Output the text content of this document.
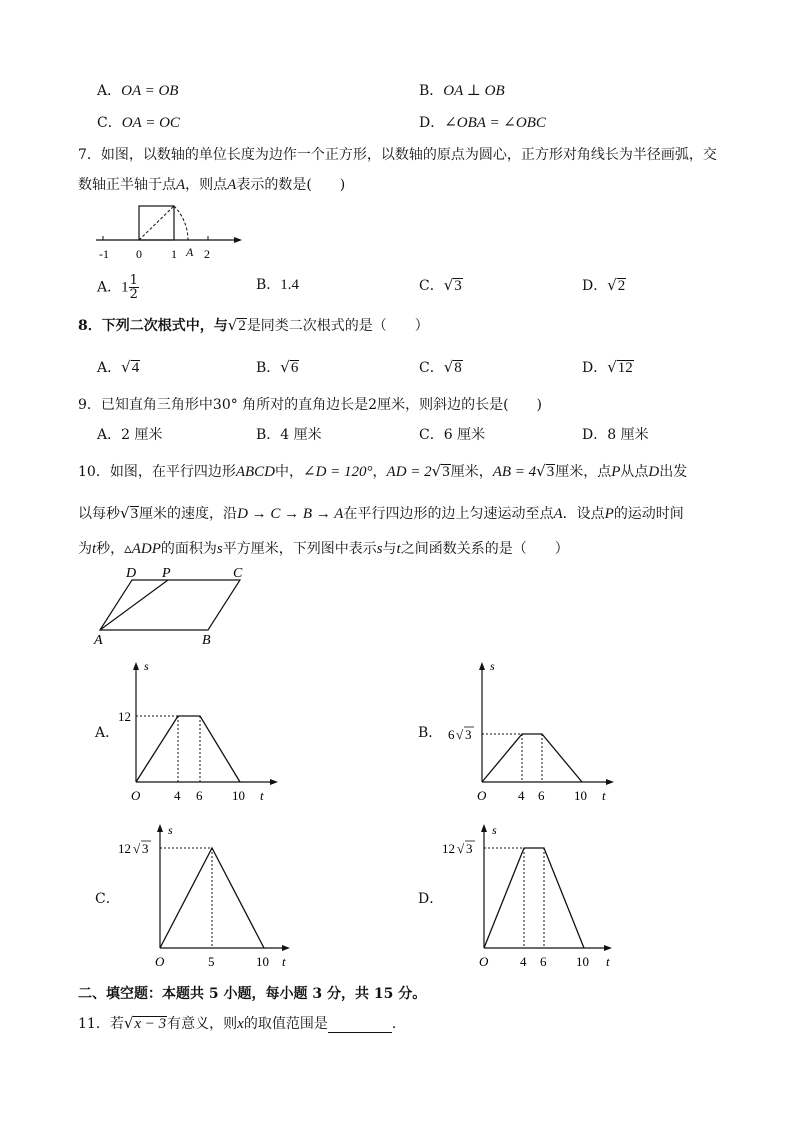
A．OA = OB	B．OA ⊥ OB
C．OA = OC	D．∠OBA = ∠OBC
7．如图，以数轴的单位长度为边作一个正方形，以数轴的原点为圆心，正方形对角线长为半径画弧，交
数轴正半轴于点A，则点A表示的数是(　　)
-1 0 1 A 2
A．$1 \frac{1}{2}$	B．1.4	C．√3	D．√2
8．下列二次根式中，与√2是同类二次根式的是（　　）
A．√4	B．√6	C．√8	D．√12
9．已知直角三角形中30° 角所对的直角边长是2厘米，则斜边的长是(　　)
A．2 厘米	B．4 厘米	C．6 厘米	D．8 厘米
10．如图，在平行四边形ABCD中，∠D = 120°，AD = 2√3厘米，AB = 4√3厘米，点P从点D出发
以每秒√3厘米的速度，沿D → C → B → A在平行四边形的边上匀速运动至点A．设点P的运动时间
为t秒，▵ADP的面积为s平方厘米，下列图中表示s与t之间函数关系的是（　　）
D P	C
A	B
A．
s
t
O
12
4 6 10
B．
s
t
O
6 √ 3
4 6 10
C．
s
t
O
12 √ 3
5	10
D．
s
t
O
12 √ 3
4 6 10
二、填空题：本题共 5 小题，每小题 3 分，共 15 分。
11．若√x − 3有意义，则x的取值范围是	．
